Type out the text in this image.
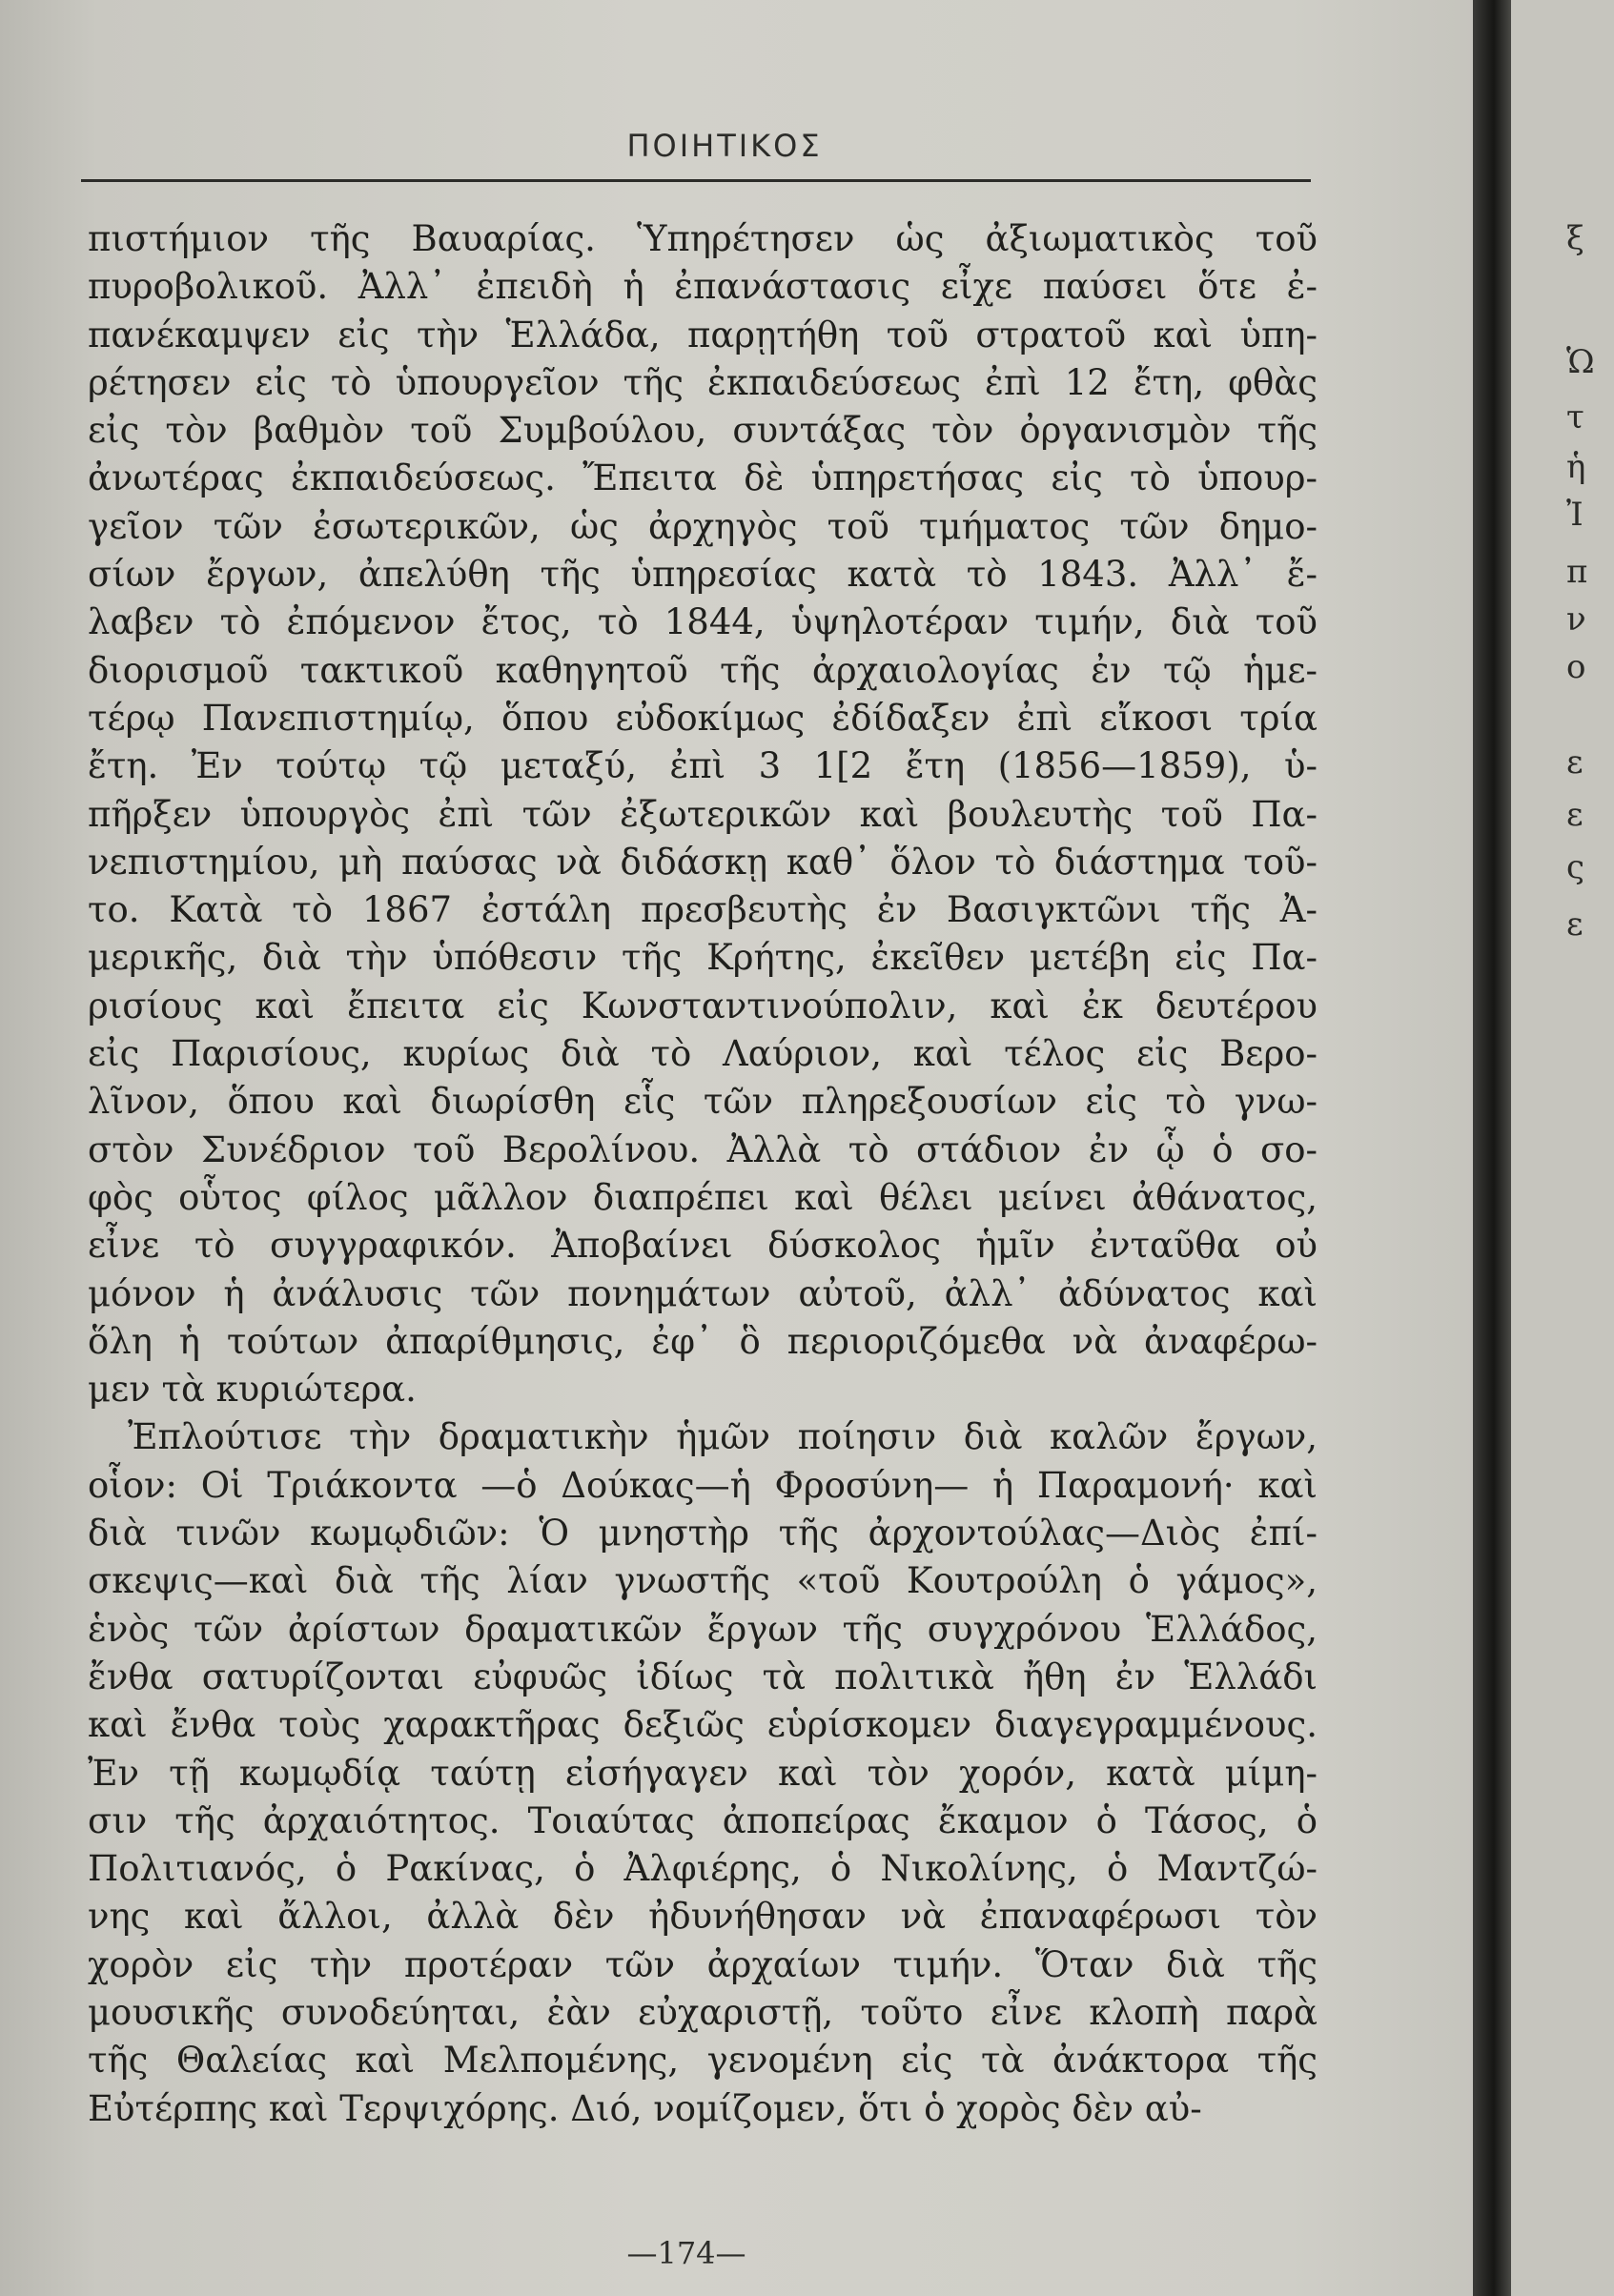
ΠΟΙΗΤΙΚΟΣ
πιστήμιον τῆς Βαυαρίας. Ὑπηρέτησεν ὡς ἀξιωματικὸς τοῦ
πυροβολικοῦ. Ἀλλ᾽ ἐπειδὴ ἡ ἐπανάστασις εἶχε παύσει ὅτε ἐ-
πανέκαμψεν εἰς τὴν Ἑλλάδα, παρῃτήθη τοῦ στρατοῦ καὶ ὑπη-
ρέτησεν εἰς τὸ ὑπουργεῖον τῆς ἐκπαιδεύσεως ἐπὶ 12 ἔτη, φθὰς
εἰς τὸν βαθμὸν τοῦ Συμβούλου, συντάξας τὸν ὀργανισμὸν τῆς
ἀνωτέρας ἐκπαιδεύσεως. Ἔπειτα δὲ ὑπηρετήσας εἰς τὸ ὑπουρ-
γεῖον τῶν ἐσωτερικῶν, ὡς ἀρχηγὸς τοῦ τμήματος τῶν δημο-
σίων ἔργων, ἀπελύθη τῆς ὑπηρεσίας κατὰ τὸ 1843. Ἀλλ᾽ ἔ-
λαβεν τὸ ἐπόμενον ἔτος, τὸ 1844, ὑψηλοτέραν τιμήν, διὰ τοῦ
διορισμοῦ τακτικοῦ καθηγητοῦ τῆς ἀρχαιολογίας ἐν τῷ ἡμε-
τέρῳ Πανεπιστημίῳ, ὅπου εὐδοκίμως ἐδίδαξεν ἐπὶ εἴκοσι τρία
ἔτη. Ἐν τούτῳ τῷ μεταξύ, ἐπὶ 3 1[2 ἔτη (1856—1859), ὑ-
πῆρξεν ὑπουργὸς ἐπὶ τῶν ἐξωτερικῶν καὶ βουλευτὴς τοῦ Πα-
νεπιστημίου, μὴ παύσας νὰ διδάσκῃ καθ᾽ ὅλον τὸ διάστημα τοῦ-
το. Κατὰ τὸ 1867 ἐστάλη πρεσβευτὴς ἐν Βασιγκτῶνι τῆς Ἀ-
μερικῆς, διὰ τὴν ὑπόθεσιν τῆς Κρήτης, ἐκεῖθεν μετέβη εἰς Πα-
ρισίους καὶ ἔπειτα εἰς Κωνσταντινούπολιν, καὶ ἐκ δευτέρου
εἰς Παρισίους, κυρίως διὰ τὸ Λαύριον, καὶ τέλος εἰς Βερο-
λῖνον, ὅπου καὶ διωρίσθη εἷς τῶν πληρεξουσίων εἰς τὸ γνω-
στὸν Συνέδριον τοῦ Βερολίνου. Ἀλλὰ τὸ στάδιον ἐν ᾧ ὁ σο-
φὸς οὗτος φίλος μᾶλλον διαπρέπει καὶ θέλει μείνει ἀθάνατος,
εἶνε τὸ συγγραφικόν. Ἀποβαίνει δύσκολος ἡμῖν ἐνταῦθα οὐ
μόνον ἡ ἀνάλυσις τῶν πονημάτων αὐτοῦ, ἀλλ᾽ ἀδύνατος καὶ
ὅλη ἡ τούτων ἀπαρίθμησις, ἐφ᾽ ὃ περιοριζόμεθα νὰ ἀναφέρω-
μεν τὰ κυριώτερα.
Ἐπλούτισε τὴν δραματικὴν ἡμῶν ποίησιν διὰ καλῶν ἔργων,
οἷον: Οἱ Τριάκοντα —ὁ Δούκας—ἡ Φροσύνη— ἡ Παραμονή· καὶ
διὰ τινῶν κωμῳδιῶν: Ὁ μνηστὴρ τῆς ἀρχοντούλας—Διὸς ἐπί-
σκεψις—καὶ διὰ τῆς λίαν γνωστῆς «τοῦ Κουτρούλη ὁ γάμος»,
ἑνὸς τῶν ἀρίστων δραματικῶν ἔργων τῆς συγχρόνου Ἑλλάδος,
ἔνθα σατυρίζονται εὐφυῶς ἰδίως τὰ πολιτικὰ ἤθη ἐν Ἑλλάδι
καὶ ἔνθα τοὺς χαρακτῆρας δεξιῶς εὑρίσκομεν διαγεγραμμένους.
Ἐν τῇ κωμῳδίᾳ ταύτῃ εἰσήγαγεν καὶ τὸν χορόν, κατὰ μίμη-
σιν τῆς ἀρχαιότητος. Τοιαύτας ἀποπείρας ἔκαμον ὁ Τάσος, ὁ
Πολιτιανός, ὁ Ρακίνας, ὁ Ἀλφιέρης, ὁ Νικολίνης, ὁ Μαντζώ-
νης καὶ ἄλλοι, ἀλλὰ δὲν ἠδυνήθησαν νὰ ἐπαναφέρωσι τὸν
χορὸν εἰς τὴν προτέραν τῶν ἀρχαίων τιμήν. Ὅταν διὰ τῆς
μουσικῆς συνοδεύηται, ἐὰν εὐχαριστῇ, τοῦτο εἶνε κλοπὴ παρὰ
τῆς Θαλείας καὶ Μελπομένης, γενομένη εἰς τὰ ἀνάκτορα τῆς
Εὐτέρπης καὶ Τερψιχόρης. Διό, νομίζομεν, ὅτι ὁ χορὸς δὲν αὐ-
—174—
ξ
Ὡ
τ
ἡ
Ἰ
π
ν
ο
ε
ε
ς
ε
